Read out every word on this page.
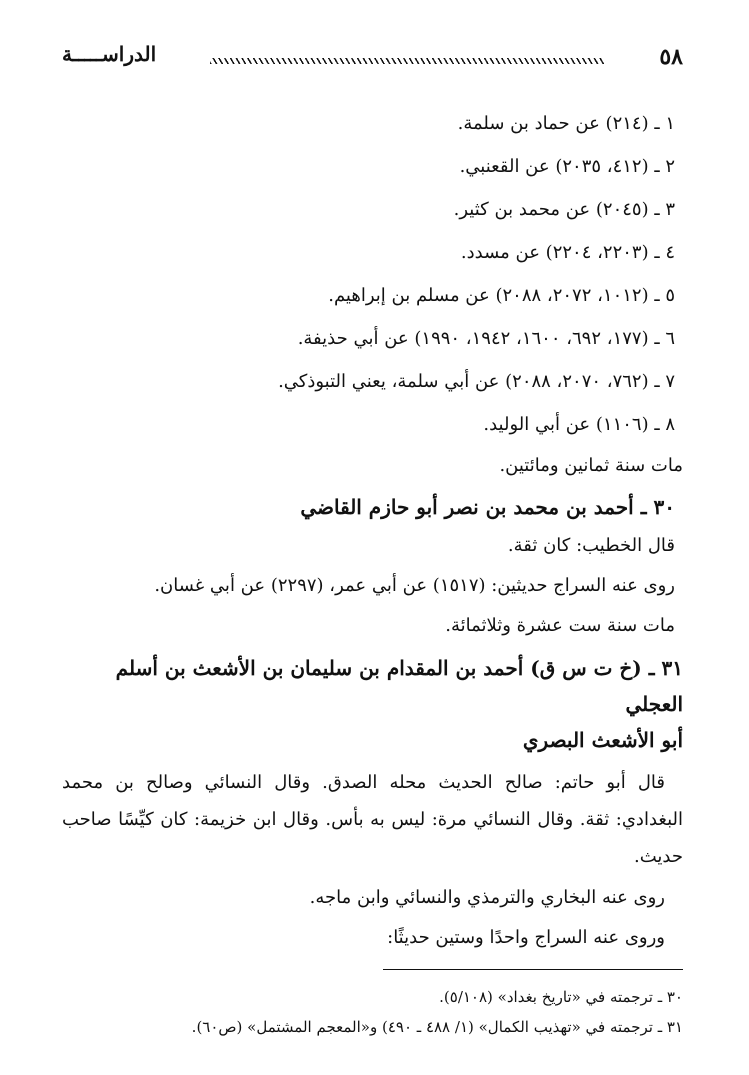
٥٨
الدراســـــة
١ ـ (٢١٤) عن حماد بن سلمة.
٢ ـ (٤١٢، ٢٠٣٥) عن القعنبي.
٣ ـ (٢٠٤٥) عن محمد بن كثير.
٤ ـ (٢٢٠٣، ٢٢٠٤) عن مسدد.
٥ ـ (١٠١٢، ٢٠٧٢، ٢٠٨٨) عن مسلم بن إبراهيم.
٦ ـ (١٧٧، ٦٩٢، ١٦٠٠، ١٩٤٢، ١٩٩٠) عن أبي حذيفة.
٧ ـ (٧٦٢، ٢٠٧٠، ٢٠٨٨) عن أبي سلمة، يعني التبوذكي.
٨ ـ (١١٠٦) عن أبي الوليد.

مات سنة ثمانين ومائتين.

٣٠ ـ أحمد بن محمد بن نصر أبو حازم القاضي

قال الخطيب: كان ثقة.

روى عنه السراج حديثين: (١٥١٧) عن أبي عمر، (٢٢٩٧) عن أبي غسان.

مات سنة ست عشرة وثلاثمائة.

٣١ ـ (خ ت س ق) أحمد بن المقدام بن سليمان بن الأشعث بن أسلم العجلي
أبو الأشعث البصري

قال أبو حاتم: صالح الحديث محله الصدق. وقال النسائي وصالح بن محمد البغدادي: ثقة. وقال النسائي مرة: ليس به بأس. وقال ابن خزيمة: كان كيِّسًا صاحب حديث.

روى عنه البخاري والترمذي والنسائي وابن ماجه.

وروى عنه السراج واحدًا وستين حديثًا:

٣٠ ـ ترجمته في «تاريخ بغداد» (٥/١٠٨).

٣١ ـ ترجمته في «تهذيب الكمال» (١/ ٤٨٨ ـ ٤٩٠) و«المعجم المشتمل» (ص٦٠).
